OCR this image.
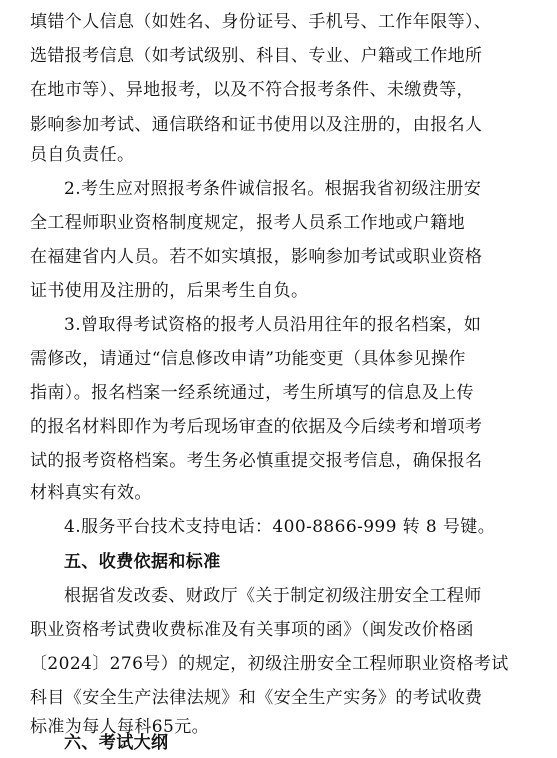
填错个人信息（如姓名、身份证号、手机号、工作年限等）、
选错报考信息（如考试级别、科目、专业、户籍或工作地所
在地市等）、异地报考，以及不符合报考条件、未缴费等，
影响参加考试、通信联络和证书使用以及注册的，由报名人
员自负责任。
2.考生应对照报考条件诚信报名。根据我省初级注册安
全工程师职业资格制度规定，报考人员系工作地或户籍地
在福建省内人员。若不如实填报，影响参加考试或职业资格
证书使用及注册的，后果考生自负。
3.曾取得考试资格的报考人员沿用往年的报名档案，如
需修改，请通过“信息修改申请”功能变更（具体参见操作
指南）。报名档案一经系统通过，考生所填写的信息及上传
的报名材料即作为考后现场审查的依据及今后续考和增项考
试的报考资格档案。考生务必慎重提交报考信息，确保报名
材料真实有效。
4.服务平台技术支持电话：400-8866-999 转 8 号键。
五、收费依据和标准
根据省发改委、财政厅《关于制定初级注册安全工程师
职业资格考试费收费标准及有关事项的函》（闽发改价格函
〔2024〕276号）的规定，初级注册安全工程师职业资格考试
科目《安全生产法律法规》和《安全生产实务》的考试收费
标准为每人每科65元。
六、考试大纲
